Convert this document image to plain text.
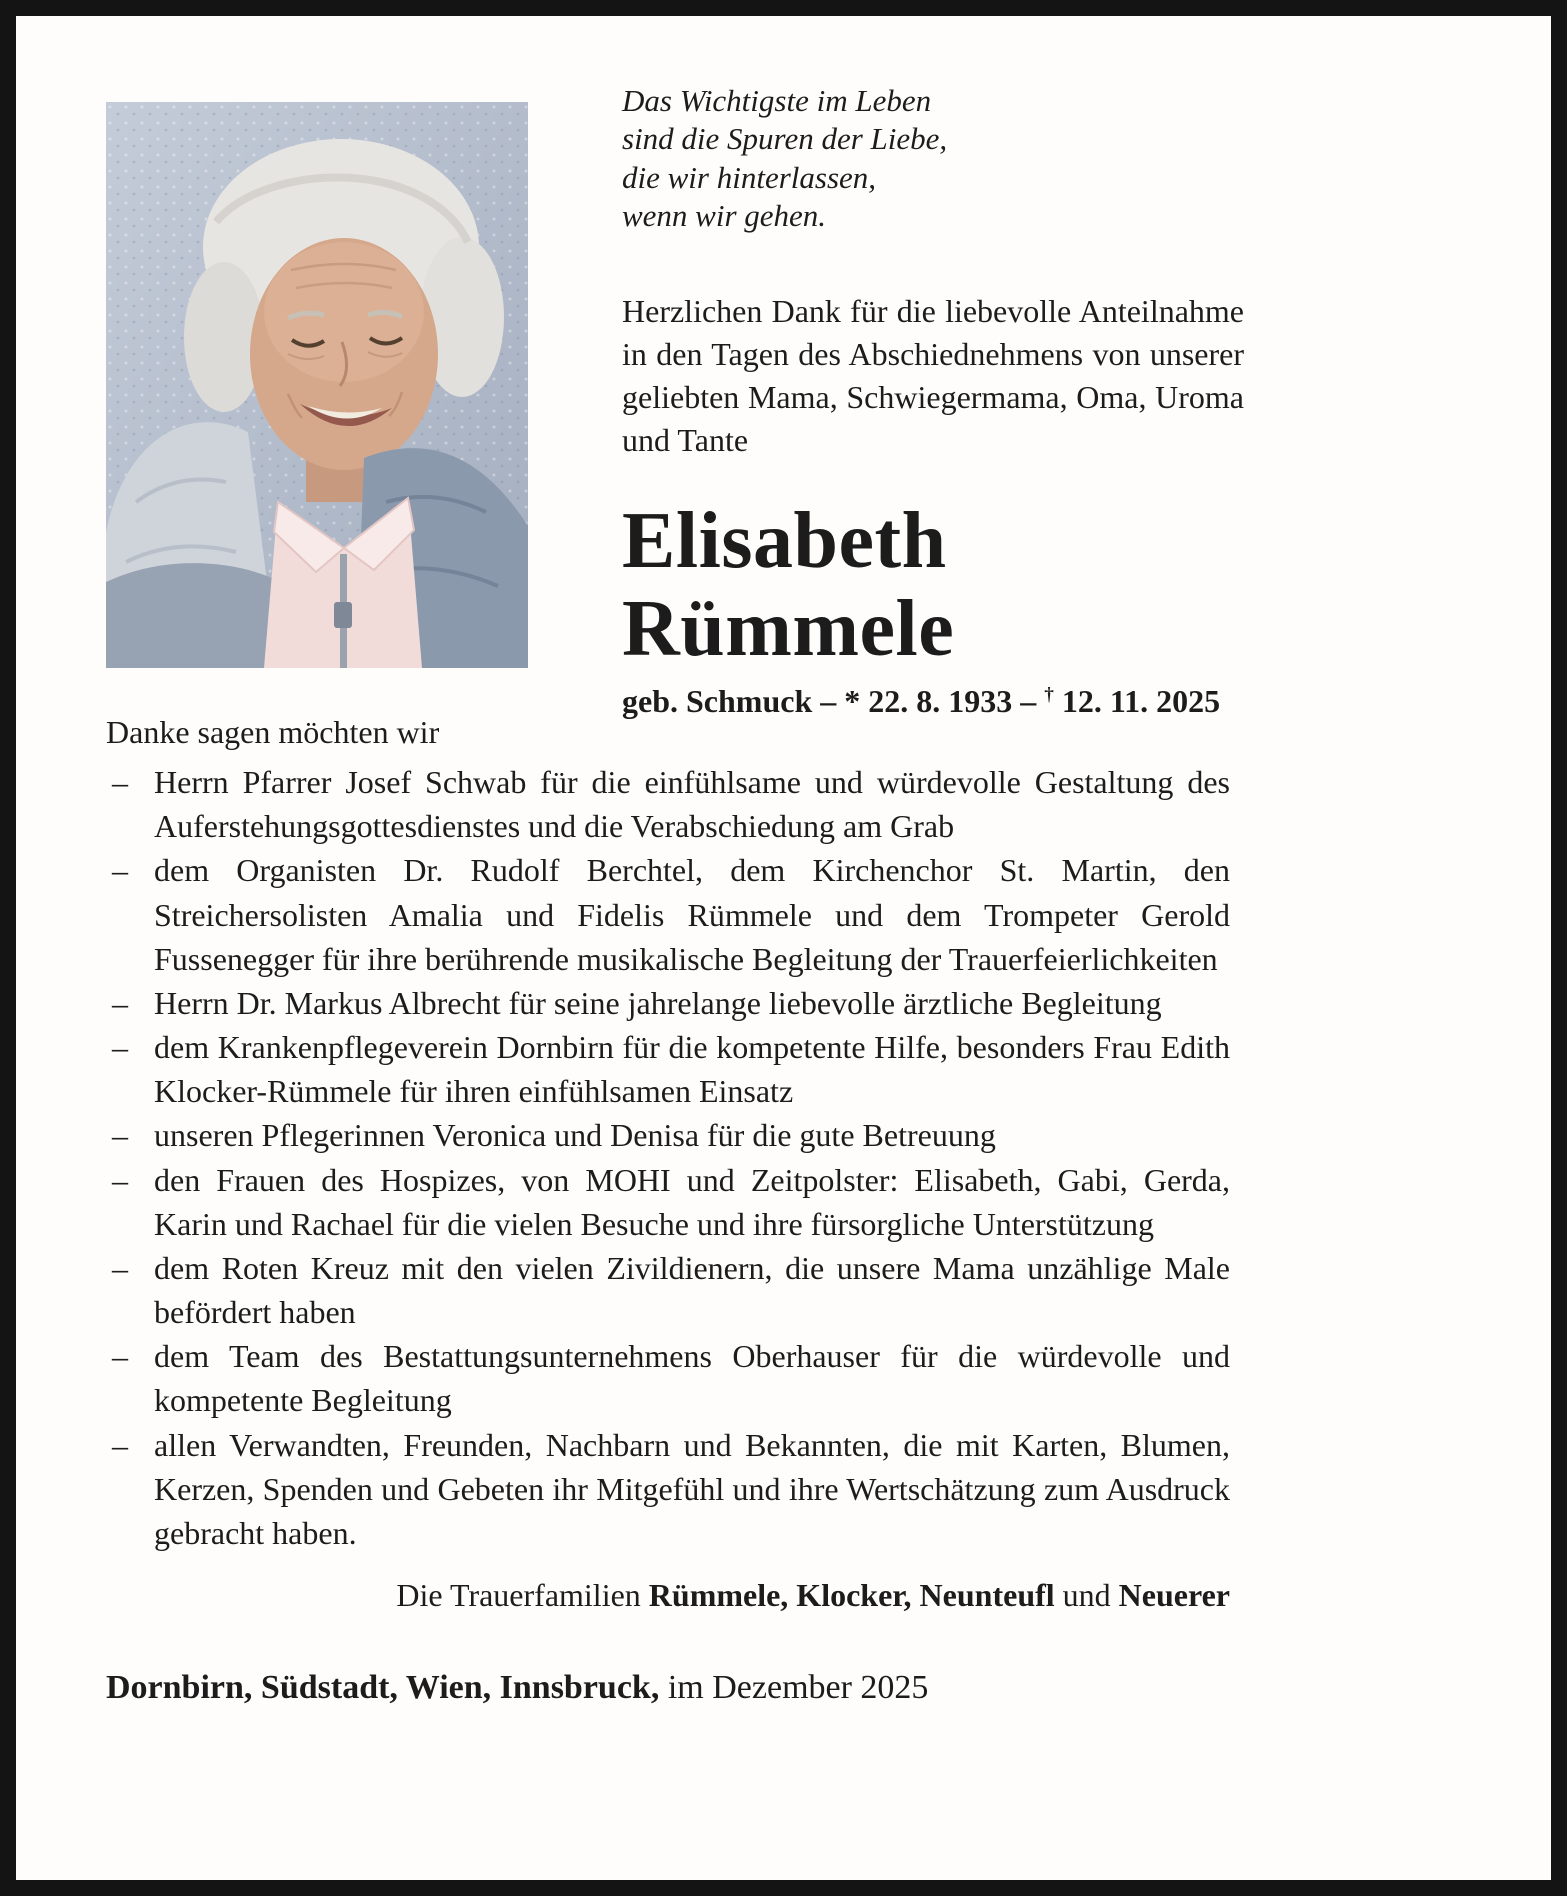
Das Wichtigste im Leben
sind die Spuren der Liebe,
die wir hinterlassen,
wenn wir gehen.
Herzlichen Dank für die liebevolle Anteilnahme in den Tagen des Abschiednehmens von unserer geliebten Mama, Schwiegermama, Oma, Uroma und Tante
Elisabeth
Rümmele
geb. Schmuck – * 22. 8. 1933 – † 12. 11. 2025

Danke sagen möchten wir

– Herrn Pfarrer Josef Schwab für die einfühlsame und würdevolle Gestaltung des Auferstehungsgottesdienstes und die Verabschiedung am Grab
– dem Organisten Dr. Rudolf Berchtel, dem Kirchenchor St. Martin, den Streichersolisten Amalia und Fidelis Rümmele und dem Trompeter Gerold Fussenegger für ihre berührende musikalische Begleitung der Trauerfeierlichkeiten
– Herrn Dr. Markus Albrecht für seine jahrelange liebevolle ärztliche Begleitung
– dem Krankenpflegeverein Dornbirn für die kompetente Hilfe, besonders Frau Edith Klocker-Rümmele für ihren einfühlsamen Einsatz
– unseren Pflegerinnen Veronica und Denisa für die gute Betreuung
– den Frauen des Hospizes, von MOHI und Zeitpolster: Elisabeth, Gabi, Gerda, Karin und Rachael für die vielen Besuche und ihre fürsorgliche Unterstützung
– dem Roten Kreuz mit den vielen Zivildienern, die unsere Mama unzählige Male befördert haben
– dem Team des Bestattungsunternehmens Oberhauser für die würdevolle und kompetente Begleitung
– allen Verwandten, Freunden, Nachbarn und Bekannten, die mit Karten, Blumen, Kerzen, Spenden und Gebeten ihr Mitgefühl und ihre Wertschätzung zum Ausdruck gebracht haben.
Die Trauerfamilien Rümmele, Klocker, Neunteufl und Neuerer
Dornbirn, Südstadt, Wien, Innsbruck, im Dezember 2025
